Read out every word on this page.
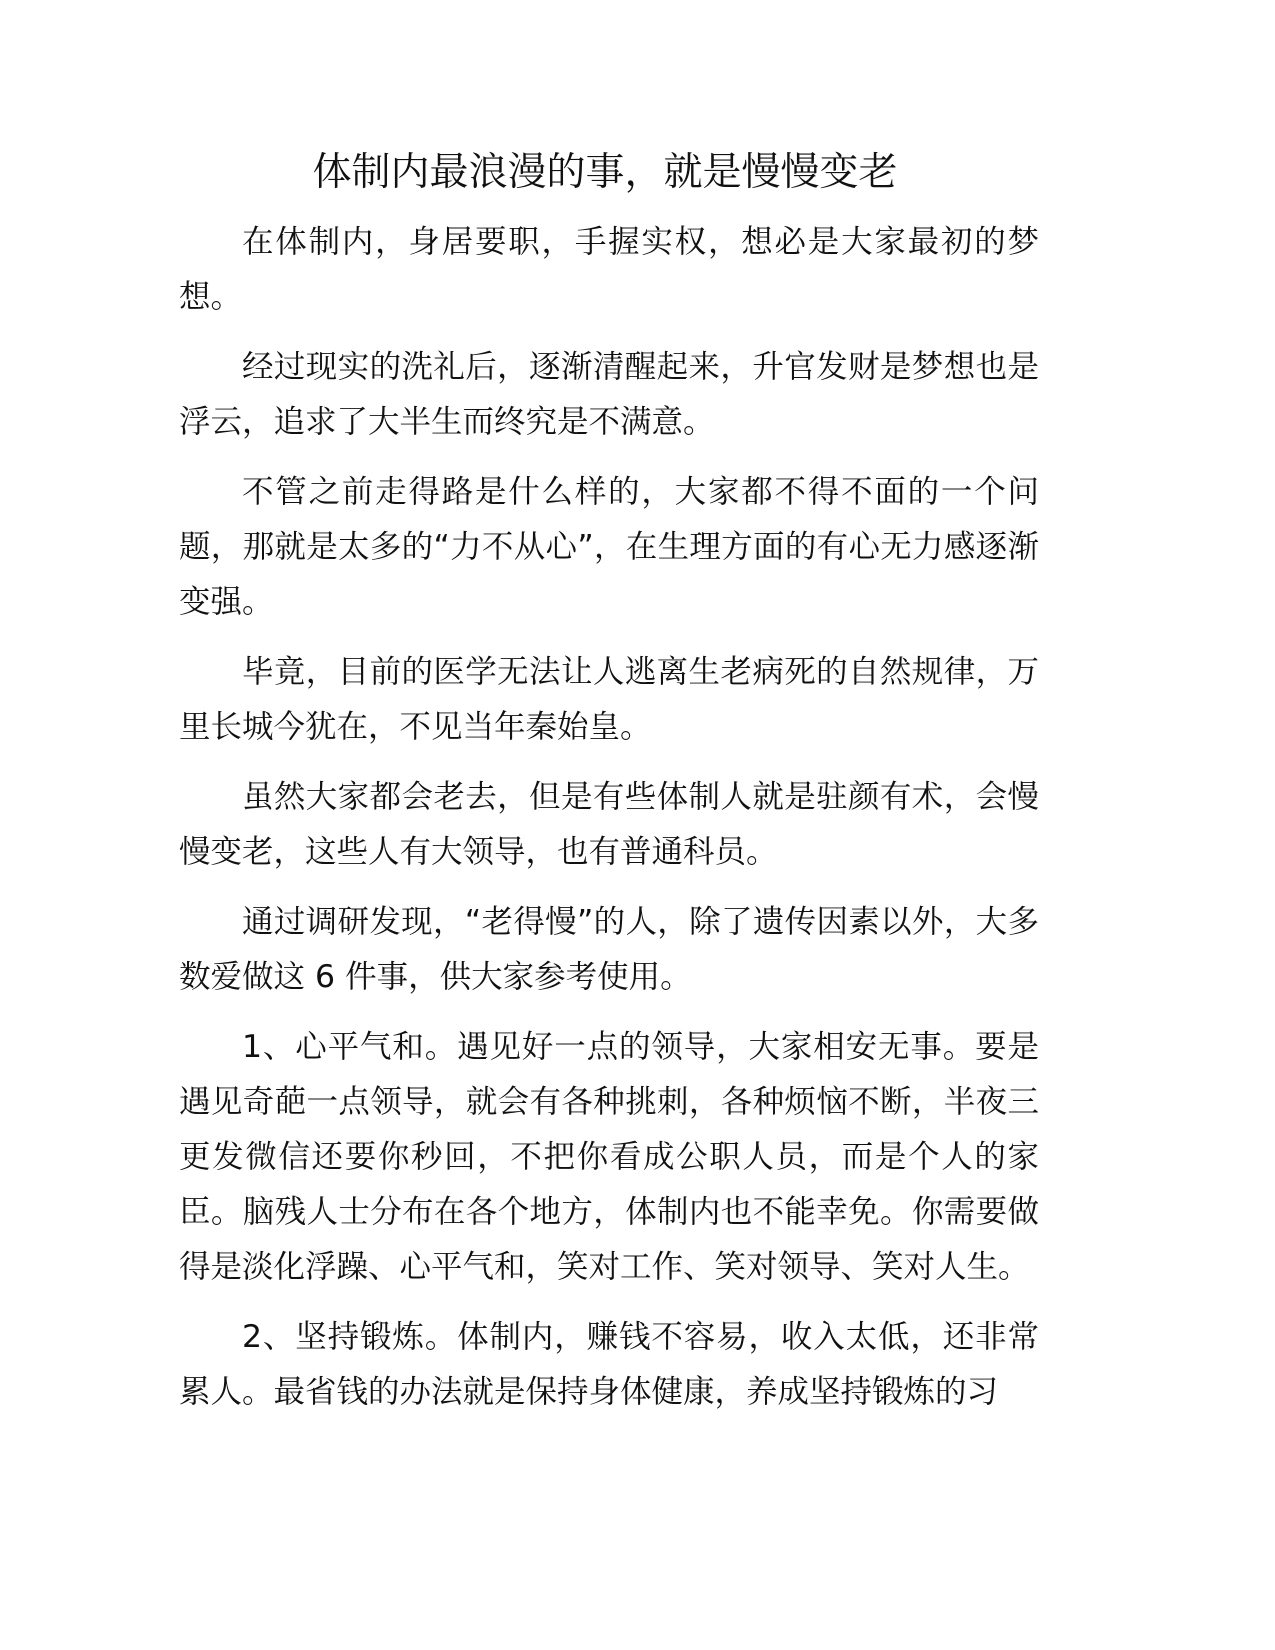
体制内最浪漫的事，就是慢慢变老

在体制内，身居要职，手握实权，想必是大家最初的梦想。

经过现实的洗礼后，逐渐清醒起来，升官发财是梦想也是浮云，追求了大半生而终究是不满意。

不管之前走得路是什么样的，大家都不得不面的一个问题，那就是太多的“力不从心”，在生理方面的有心无力感逐渐变强。

毕竟，目前的医学无法让人逃离生老病死的自然规律，万里长城今犹在，不见当年秦始皇。

虽然大家都会老去，但是有些体制人就是驻颜有术，会慢慢变老，这些人有大领导，也有普通科员。

通过调研发现，“老得慢”的人，除了遗传因素以外，大多数爱做这 6 件事，供大家参考使用。

1、心平气和。遇见好一点的领导，大家相安无事。要是遇见奇葩一点领导，就会有各种挑刺，各种烦恼不断，半夜三更发微信还要你秒回，不把你看成公职人员，而是个人的家臣。脑残人士分布在各个地方，体制内也不能幸免。你需要做得是淡化浮躁、心平气和，笑对工作、笑对领导、笑对人生。

2、坚持锻炼。体制内，赚钱不容易，收入太低，还非常累人。最省钱的办法就是保持身体健康，养成坚持锻炼的习
